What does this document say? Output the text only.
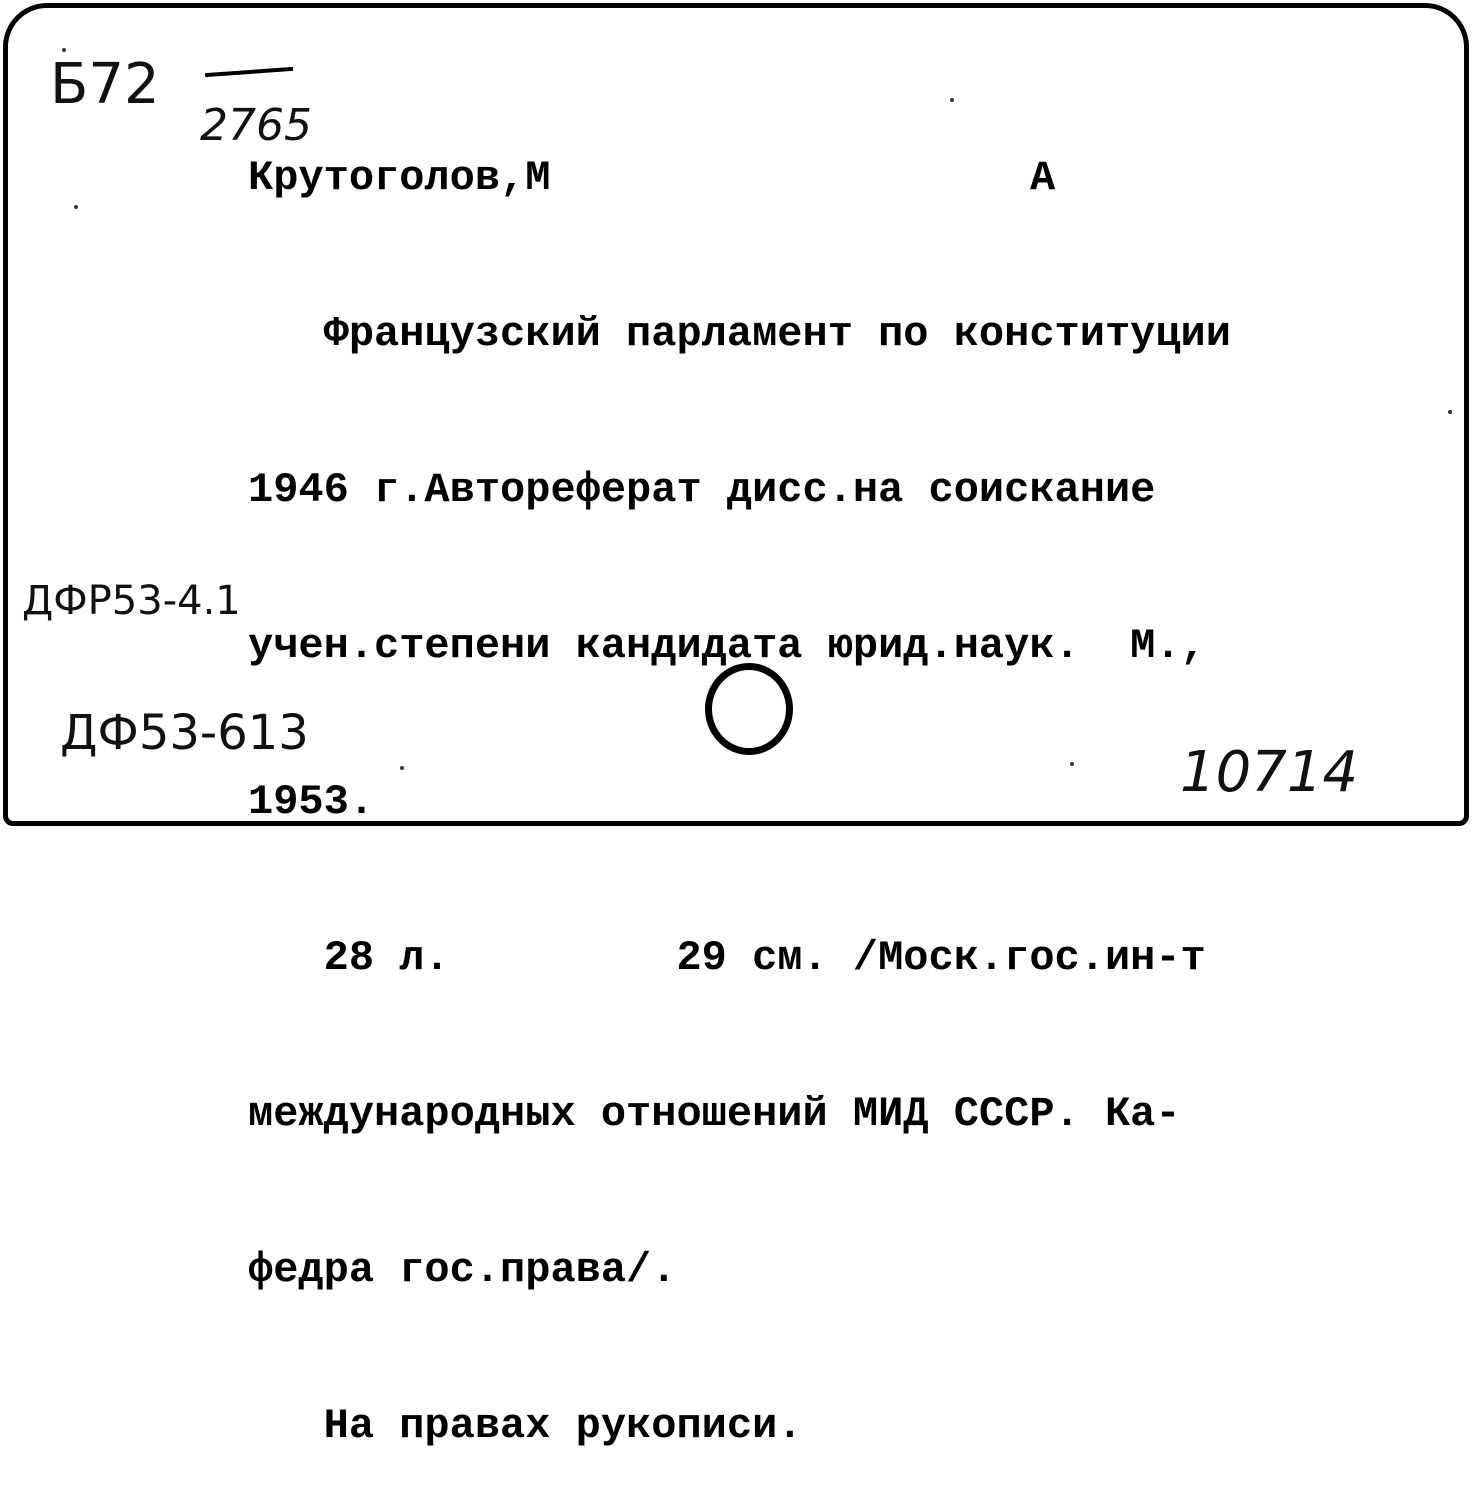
Б72
2765
Крутоголов,М	А

Французский парламент по конституции

1946 г.Автореферат дисс.на соискание

учен.степени кандидата юрид.наук.  М.,

1953.

28 л.         29 см. /Моск.гос.ин-т

международных отношений МИД СССР. Ка-

федра гос.права/.

На правах рукописи.

ДФР53-4.1
ДФ53-613
10714
